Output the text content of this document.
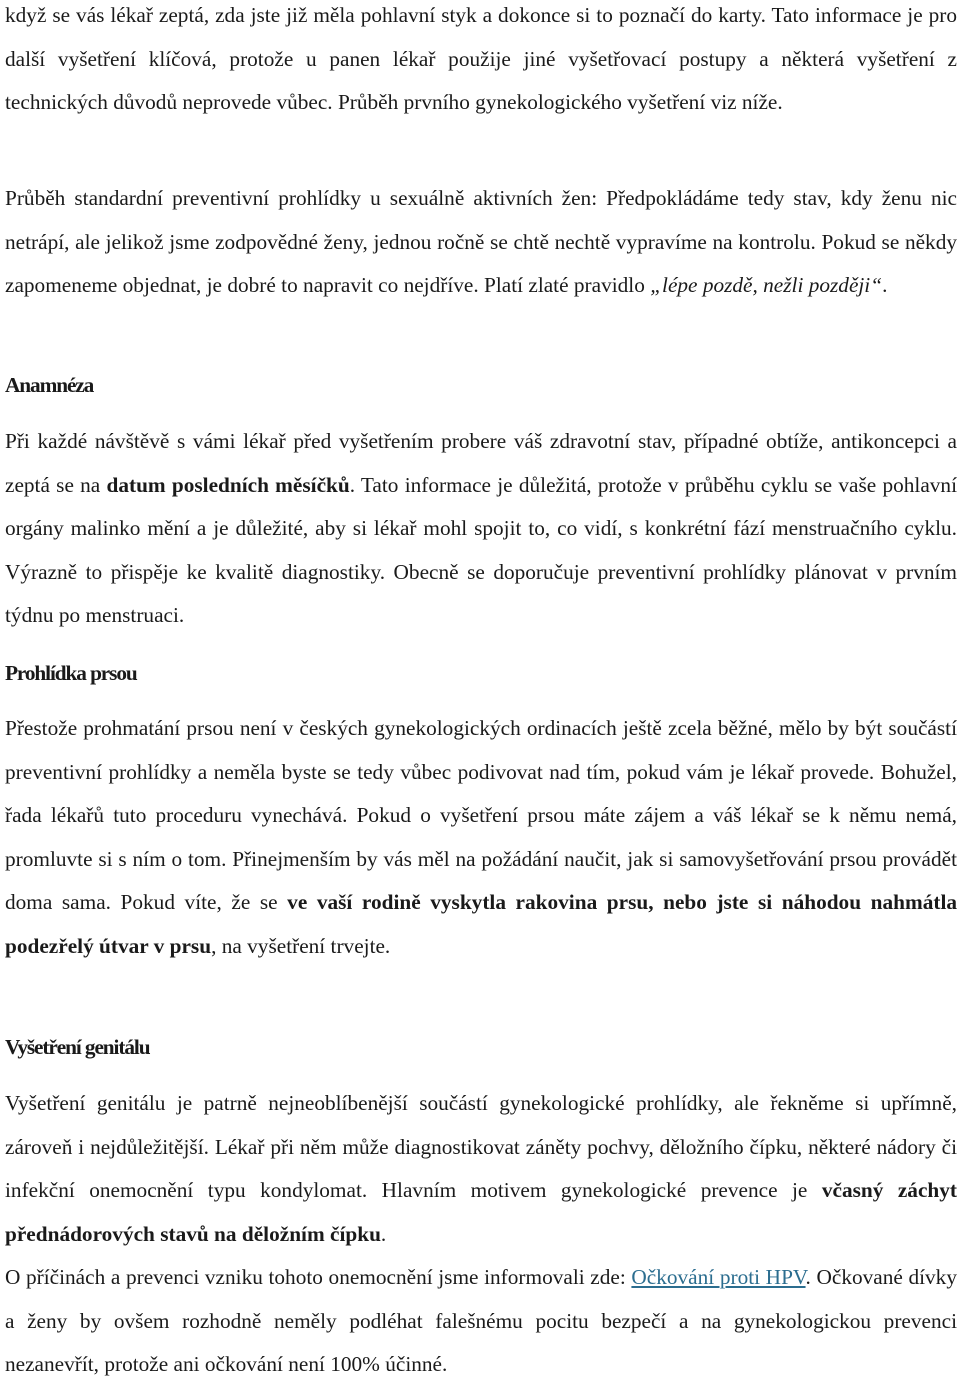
když se vás lékař zeptá, zda jste již měla pohlavní styk a dokonce si to poznačí do karty. Tato informace je pro další vyšetření klíčová, protože u panen lékař použije jiné vyšetřovací postupy a některá vyšetření z technických důvodů neprovede vůbec. Průběh prvního gynekologického vyšetření viz níže.

Průběh standardní preventivní prohlídky u sexuálně aktivních žen: Předpokládáme tedy stav, kdy ženu nic netrápí, ale jelikož jsme zodpovědné ženy, jednou ročně se chtě nechtě vypravíme na kontrolu. Pokud se někdy zapomeneme objednat, je dobré to napravit co nejdříve. Platí zlaté pravidlo „lépe pozdě, nežli později“.

Anamnéza

Při každé návštěvě s vámi lékař před vyšetřením probere váš zdravotní stav, případné obtíže, antikoncepci a zeptá se na datum posledních měsíčků. Tato informace je důležitá, protože v průběhu cyklu se vaše pohlavní orgány malinko mění a je důležité, aby si lékař mohl spojit to, co vidí, s konkrétní fází menstruačního cyklu. Výrazně to přispěje ke kvalitě diagnostiky. Obecně se doporučuje preventivní prohlídky plánovat v prvním týdnu po menstruaci.

Prohlídka prsou

Přestože prohmatání prsou není v českých gynekologických ordinacích ještě zcela běžné, mělo by být součástí preventivní prohlídky a neměla byste se tedy vůbec podivovat nad tím, pokud vám je lékař provede. Bohužel, řada lékařů tuto proceduru vynechává. Pokud o vyšetření prsou máte zájem a váš lékař se k němu nemá, promluvte si s ním o tom. Přinejmenším by vás měl na požádání naučit, jak si samovyšetřování prsou provádět doma sama. Pokud víte, že se ve vaší rodině vyskytla rakovina prsu, nebo jste si náhodou nahmátla podezřelý útvar v prsu, na vyšetření trvejte.

Vyšetření genitálu

Vyšetření genitálu je patrně nejneoblíbenější součástí gynekologické prohlídky, ale řekněme si upřímně, zároveň i nejdůležitější. Lékař při něm může diagnostikovat záněty pochvy, děložního čípku, některé nádory či infekční onemocnění typu kondylomat. Hlavním motivem gynekologické prevence je včasný záchyt přednádorových stavů na děložním čípku.

O příčinách a prevenci vzniku tohoto onemocnění jsme informovali zde: Očkování proti HPV. Očkované dívky a ženy by ovšem rozhodně neměly podléhat falešnému pocitu bezpečí a na gynekologickou prevenci nezanevřít, protože ani očkování není 100% účinné.
